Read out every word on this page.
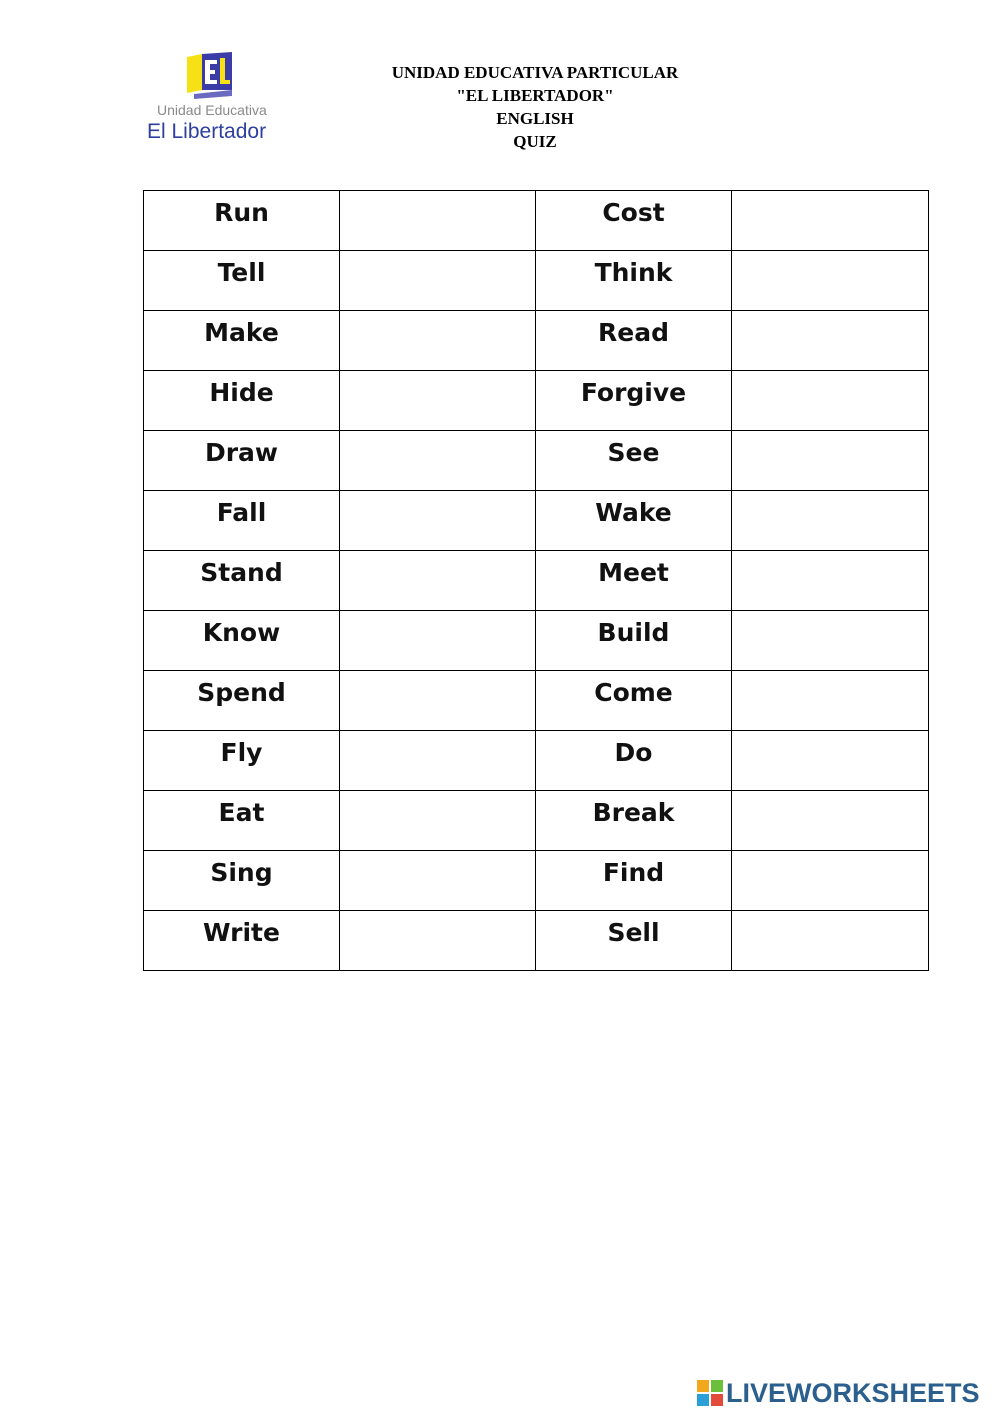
Unidad Educativa
El Libertador
UNIDAD EDUCATIVA PARTICULAR
"EL LIBERTADOR"
ENGLISH
QUIZ
Run		Cost	
Tell		Think	
Make		Read	
Hide		Forgive	
Draw		See	
Fall		Wake	
Stand		Meet	
Know		Build	
Spend		Come	
Fly		Do	
Eat		Break	
Sing		Find	
Write		Sell	
LIVEWORKSHEETS
